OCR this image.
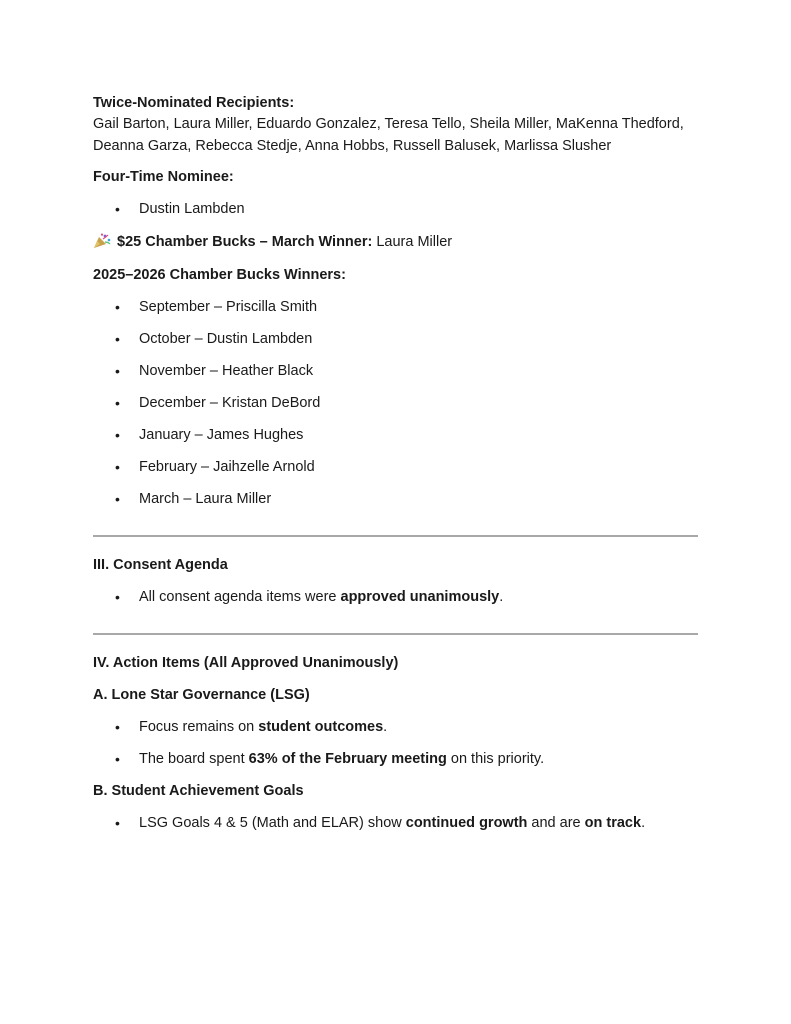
Twice-Nominated Recipients:

Gail Barton, Laura Miller, Eduardo Gonzalez, Teresa Tello, Sheila Miller, MaKenna Thedford,

Deanna Garza, Rebecca Stedje, Anna Hobbs, Russell Balusek, Marlissa Slusher

Four-Time Nominee:

• Dustin Lambden

$25 Chamber Bucks – March Winner: Laura Miller

2025–2026 Chamber Bucks Winners:

• September – Priscilla Smith
• October – Dustin Lambden
• November – Heather Black
• December – Kristan DeBord
• January – James Hughes
• February – Jaihzelle Arnold
• March – Laura Miller

III. Consent Agenda

• All consent agenda items were approved unanimously.

IV. Action Items (All Approved Unanimously)

A. Lone Star Governance (LSG)

• Focus remains on student outcomes.
• The board spent 63% of the February meeting on this priority.

B. Student Achievement Goals

• LSG Goals 4 & 5 (Math and ELAR) show continued growth and are on track.
